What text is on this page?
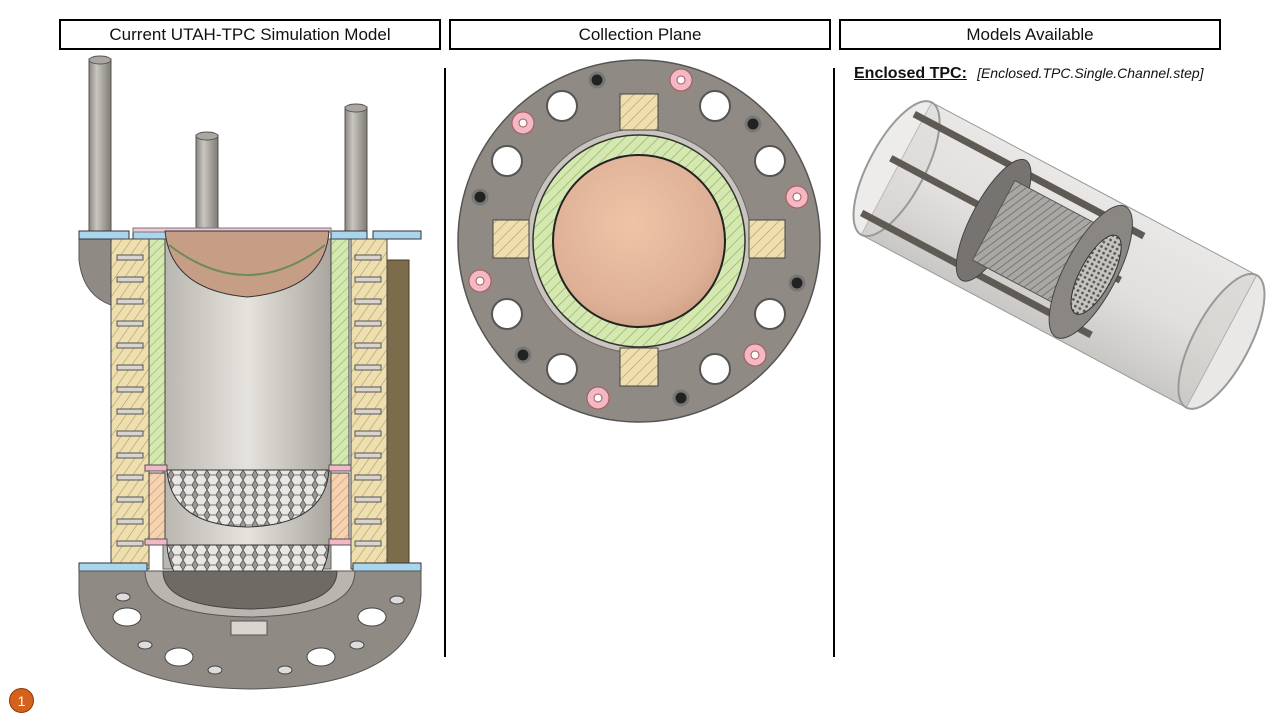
Current UTAH-TPC Simulation Model	Collection Plane	Models Available
Enclosed TPC: [Enclosed.TPC.Single.Channel.step]
1
